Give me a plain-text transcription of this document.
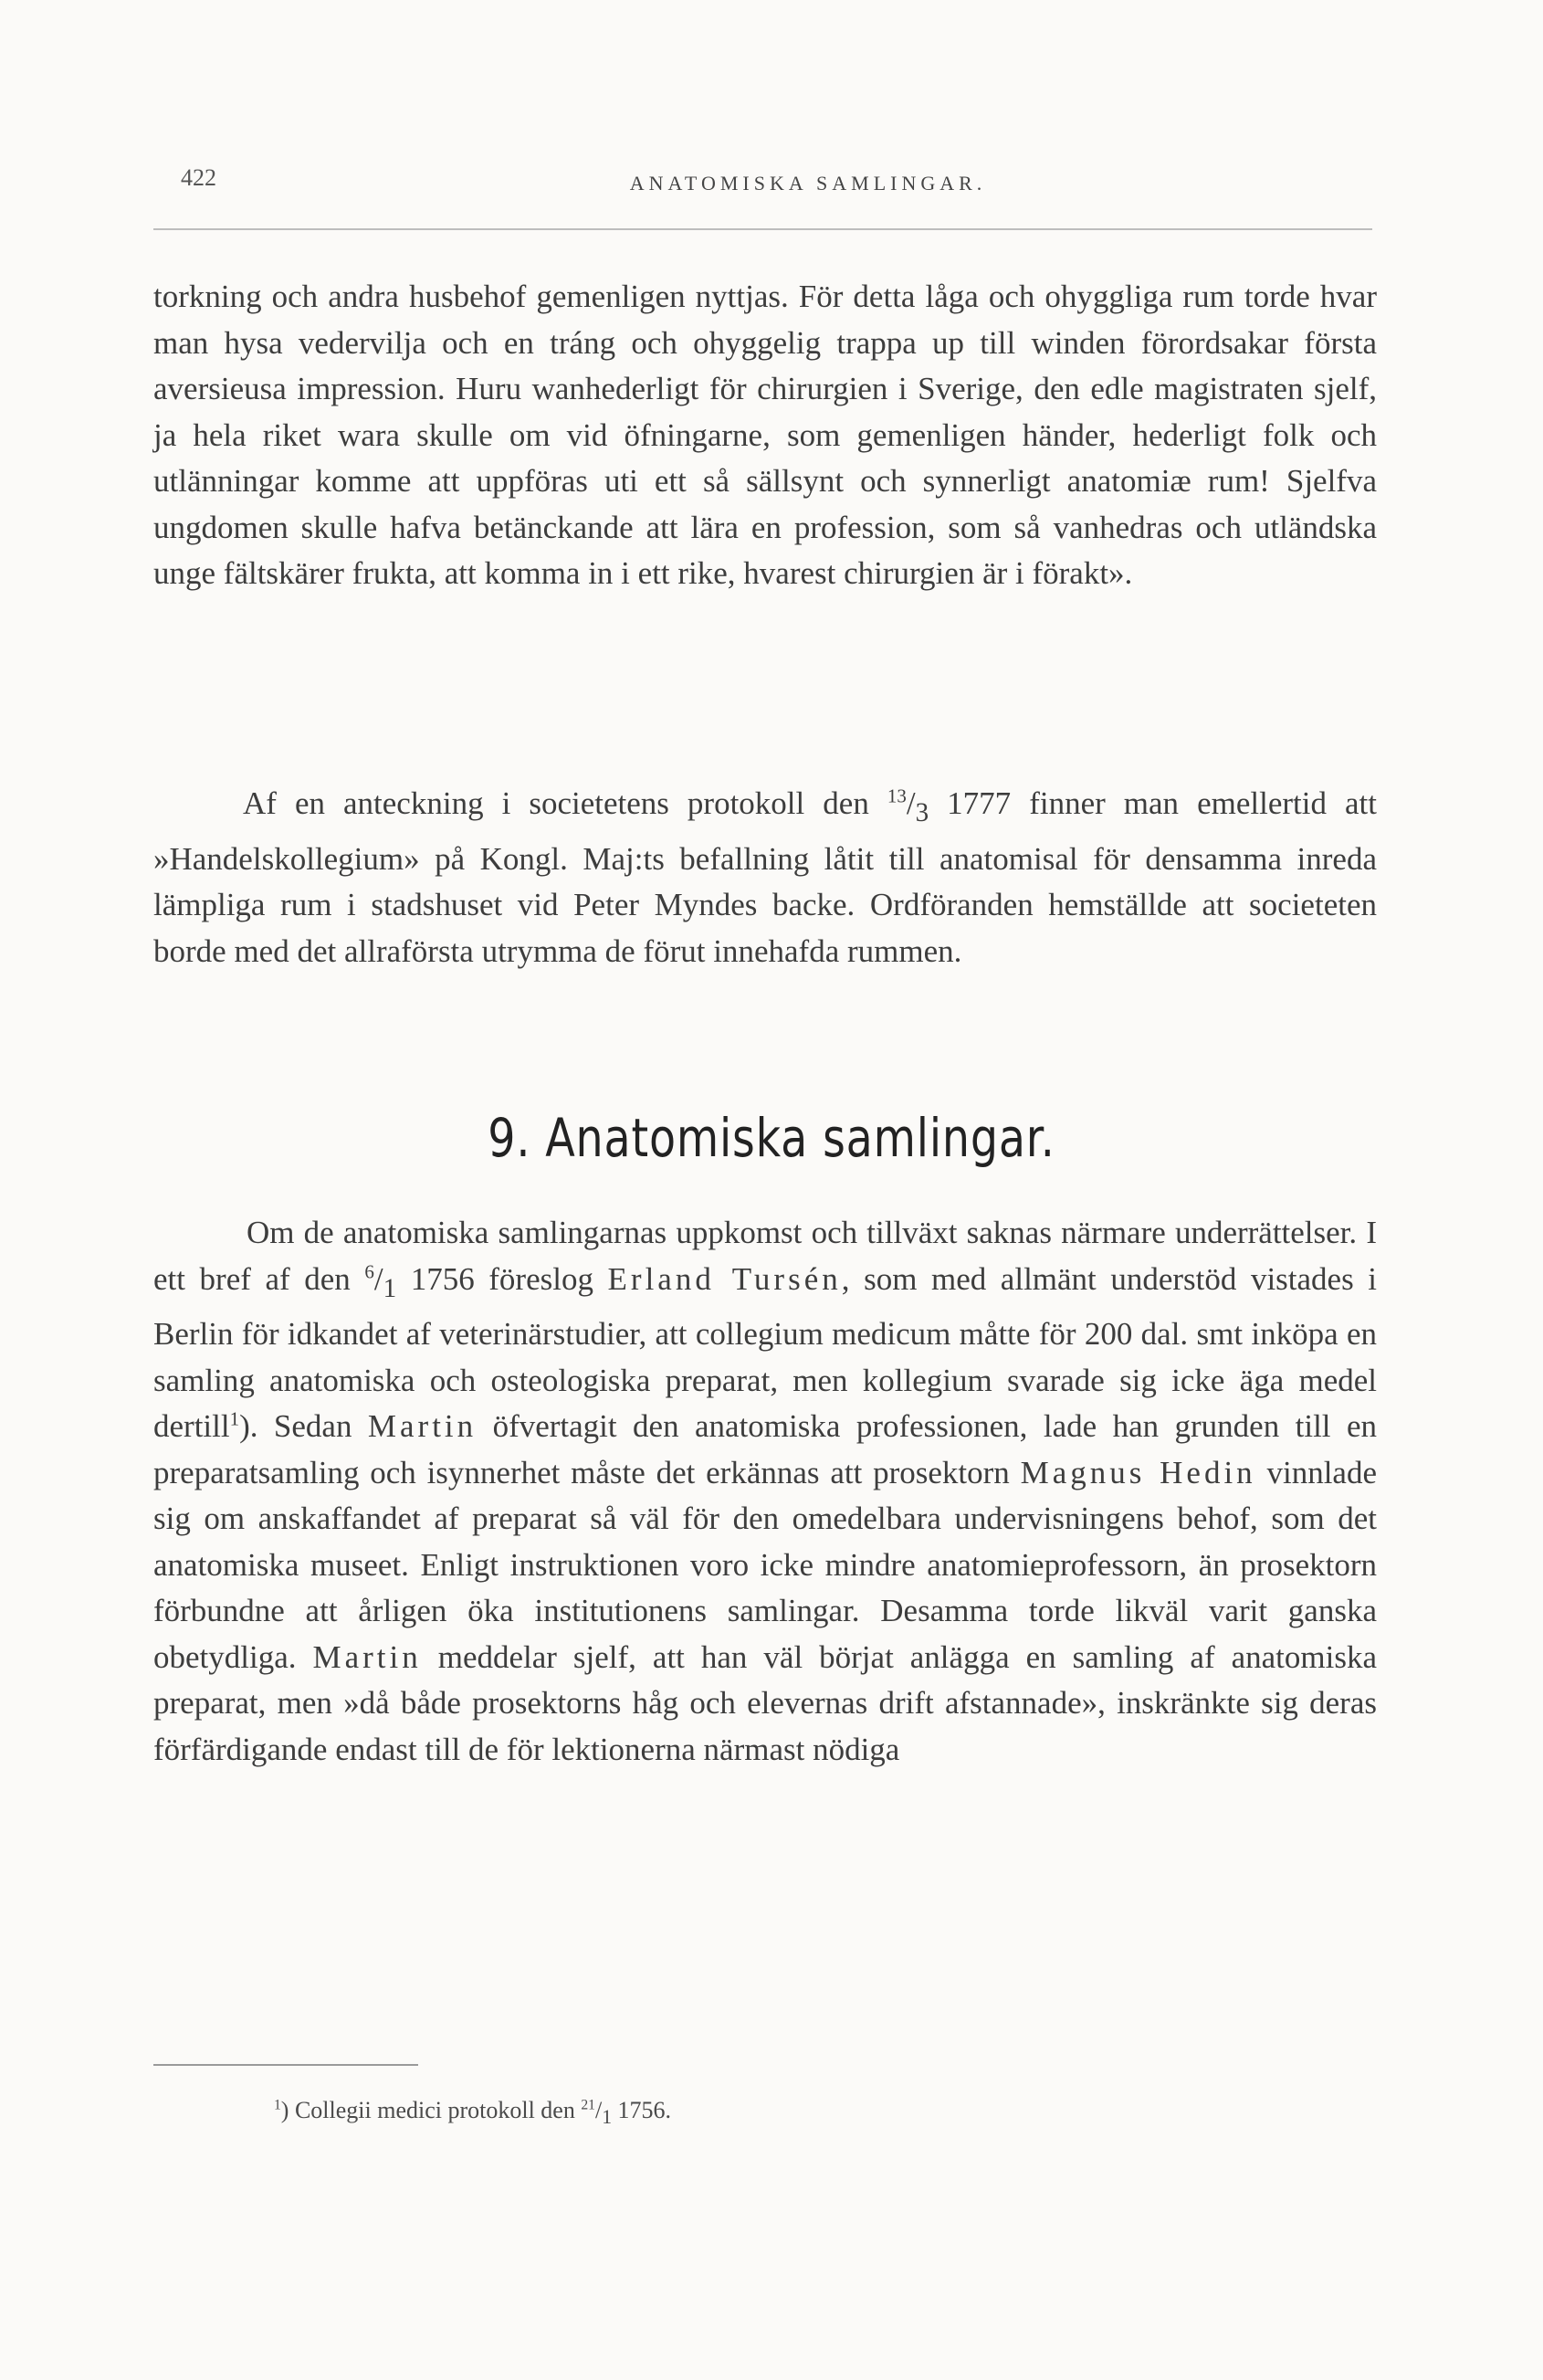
422	ANATOMISKA SAMLINGAR.
torkning och andra husbehof gemenligen nyttjas. För detta låga och ohyggliga rum torde hvar man hysa vedervilja och en tráng och ohyggelig trappa up till winden förordsakar första aversieusa impression. Huru wanhederligt för chirurgien i Sverige, den edle magistraten sjelf, ja hela riket wara skulle om vid öfningarne, som gemenligen händer, hederligt folk och utlänningar komme att uppföras uti ett så sällsynt och synnerligt anatomiæ rum! Sjelfva ungdomen skulle hafva betänckande att lära en profession, som så vanhedras och utländska unge fältskärer frukta, att komma in i ett rike, hvarest chirurgien är i förakt».
Af en anteckning i societetens protokoll den $^{13}/_3$ 1777 finner man emellertid att »Handelskollegium» på Kongl. Maj:ts befallning låtit till anatomisal för densamma inreda lämpliga rum i stadshuset vid Peter Myndes backe. Ordföranden hemställde att societeten borde med det allraförsta utrymma de förut innehafda rummen.
9. Anatomiska samlingar.
Om de anatomiska samlingarnas uppkomst och tillväxt saknas närmare underrättelser. I ett bref af den $^6/_1$ 1756 föreslog Erland Tursén, som med allmänt understöd vistades i Berlin för idkandet af veterinärstudier, att collegium medicum måtte för 200 dal. smt inköpa en samling anatomiska och osteologiska preparat, men kollegium svarade sig icke äga medel dertill$^1$). Sedan Martin öfvertagit den anatomiska professionen, lade han grunden till en preparatsamling och isynnerhet måste det erkännas att prosektorn Magnus Hedin vinnlade sig om anskaffandet af preparat så väl för den omedelbara undervisningens behof, som det anatomiska museet. Enligt instruktionen voro icke mindre anatomieprofessorn, än prosektorn förbundne att årligen öka institutionens samlingar. Desamma torde likväl varit ganska obetydliga. Martin meddelar sjelf, att han väl börjat anlägga en samling af anatomiska preparat, men »då både prosektorns håg och elevernas drift afstannade», inskränkte sig deras förfärdigande endast till de för lektionerna närmast nödiga
$^1$) Collegii medici protokoll den $^{21}/_1$ 1756.
